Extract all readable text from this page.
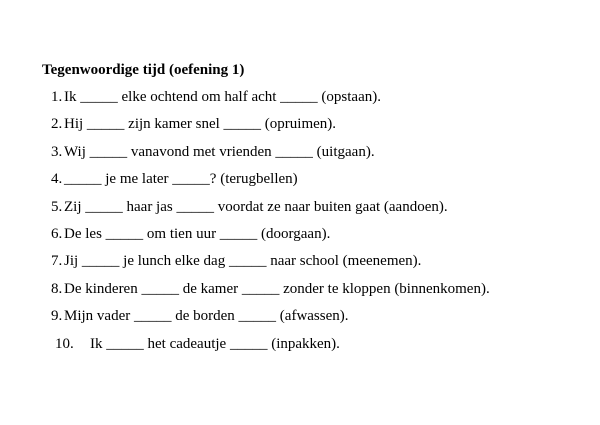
Tegenwoordige tijd (oefening 1)
1. Ik _____ elke ochtend om half acht _____ (opstaan).
2. Hij _____ zijn kamer snel _____ (opruimen).
3. Wij _____ vanavond met vrienden _____ (uitgaan).
4. _____ je me later _____? (terugbellen)
5. Zij _____ haar jas _____ voordat ze naar buiten gaat (aandoen).
6. De les _____ om tien uur _____ (doorgaan).
7. Jij _____ je lunch elke dag _____ naar school (meenemen).
8. De kinderen _____ de kamer _____ zonder te kloppen (binnenkomen).
9. Mijn vader _____ de borden _____ (afwassen).
10. Ik _____ het cadeautje _____ (inpakken).
